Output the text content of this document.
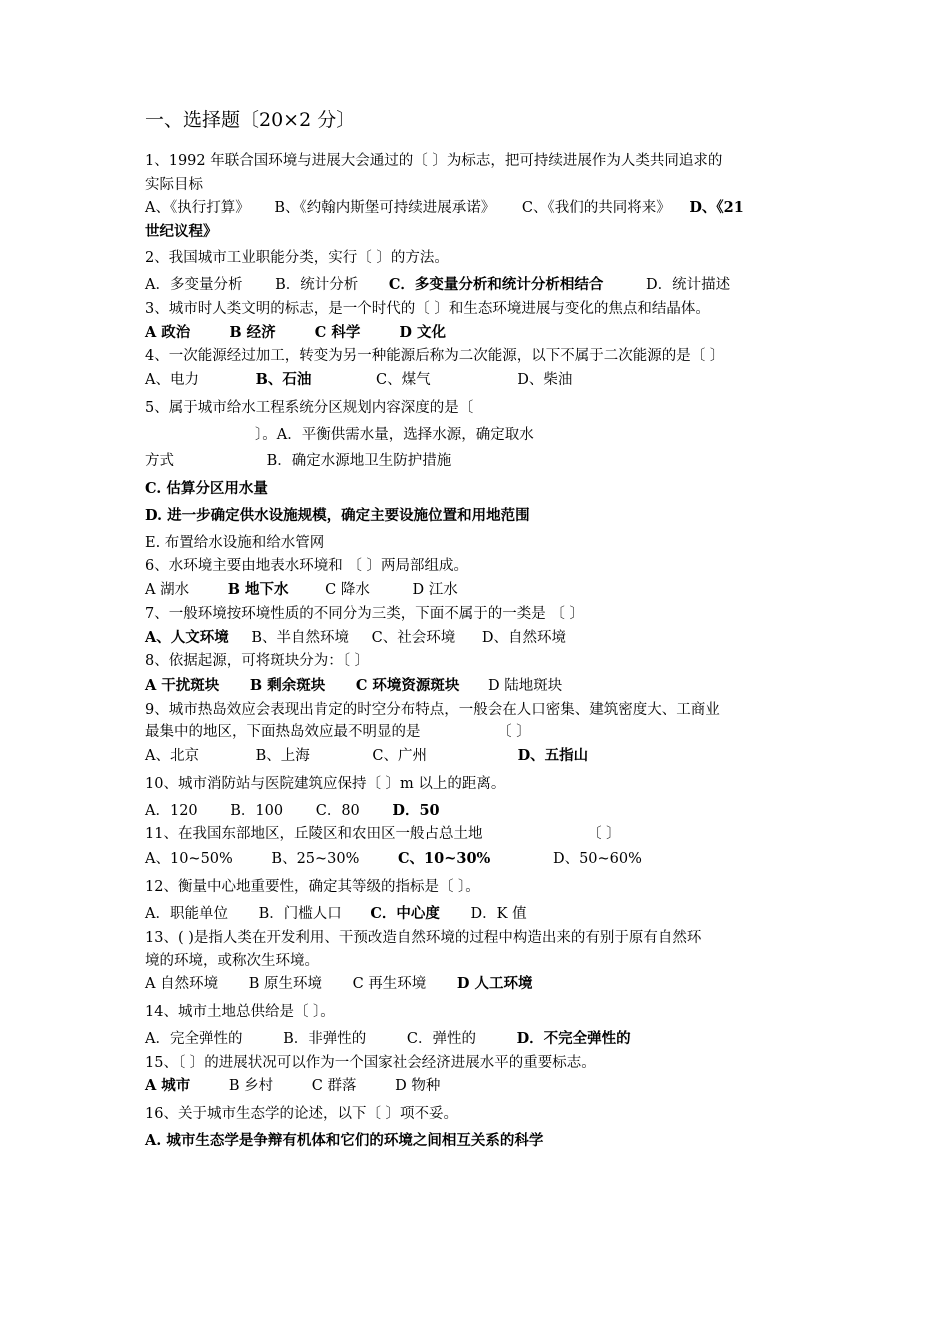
一、选择题〔20×2 分〕
1、1992 年联合国环境与进展大会通过的〔 〕为标志，把可持续进展作为人类共同追求的
实际目标
A、《执行打算》 B、《约翰内斯堡可持续进展承诺》 C、《我们的共同将来》 D、《21
世纪议程》
2、我国城市工业职能分类，实行〔 〕的方法。
A．多变量分析 B．统计分析 C．多变量分析和统计分析相结合	D．统计描述
3、城市时人类文明的标志，是一个时代的〔 〕和生态环境进展与变化的焦点和结晶体。
A 政治	B 经济	C 科学	D 文化
4、一次能源经过加工，转变为另一种能源后称为二次能源，以下不属于二次能源的是〔 〕
A、电力	B、石油	C、煤气	D、柴油
5、属于城市给水工程系统分区规划内容深度的是〔
〕。A．平衡供需水量，选择水源，确定取水
方式	B．确定水源地卫生防护措施
C. 估算分区用水量
D. 进一步确定供水设施规模，确定主要设施位置和用地范围
E. 布置给水设施和给水管网
6、水环境主要由地表水环境和 〔 〕两局部组成。
A 湖水	B 地下水	C 降水	D 江水
7、一般环境按环境性质的不同分为三类，下面不属于的一类是 〔 〕
A、人文环境 B、半自然环境 C、社会环境 D、自然环境
8、依据起源，可将斑块分为：〔 〕
A 干扰斑块 B 剩余斑块 C 环境资源斑块 D 陆地斑块
9、城市热岛效应会表现出肯定的时空分布特点，一般会在人口密集、建筑密度大、工商业
最集中的地区，下面热岛效应最不明显的是	〔 〕
A、北京	B、上海	C、广州	D、五指山
10、城市消防站与医院建筑应保持〔 〕m 以上的距离。
A．120 B．100 C．80 D．50
11、在我国东部地区，丘陵区和农田区一般占总土地	〔 〕
A、10~50%	B、25~30%	C、10~30%	D、50~60%
12、衡量中心地重要性，确定其等级的指标是〔 〕。
A．职能单位 B．门槛人口 C．中心度 D．K 值
13、( )是指人类在开发利用、干预改造自然环境的过程中构造出来的有别于原有自然环
境的环境，或称次生环境。
A 自然环境 B 原生环境 C 再生环境 D 人工环境
14、城市土地总供给是〔 〕。
A．完全弹性的	B．非弹性的	C．弹性的	D．不完全弹性的
15、〔 〕的进展状况可以作为一个国家社会经济进展水平的重要标志。
A 城市	B 乡村	C 群落	D 物种
16、关于城市生态学的论述，以下〔 〕项不妥。
A. 城市生态学是争辩有机体和它们的环境之间相互关系的科学
